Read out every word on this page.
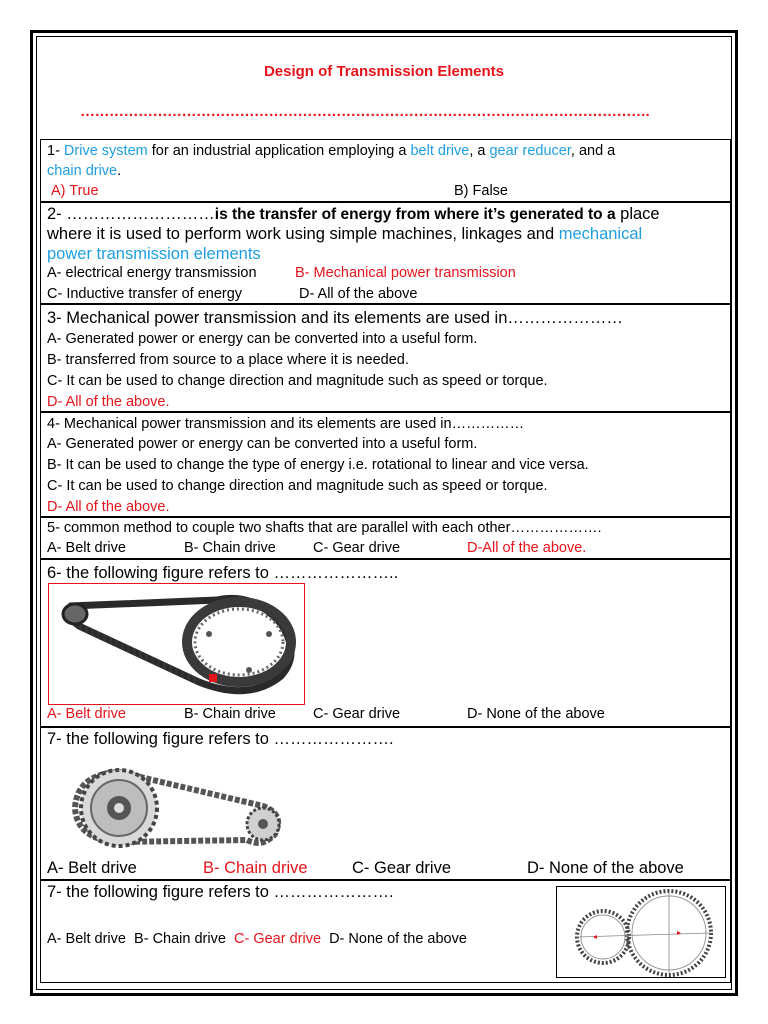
Design of Transmission Elements
……………………………………………………………………………………………………….
1- Drive system for an industrial application employing a belt drive, a gear reducer, and a
chain drive.
A) True	B) False
2- ………………………is the transfer of energy from where it’s generated to a place
where it is used to perform work using simple machines, linkages and mechanical
power transmission elements
A- electrical energy transmission	B- Mechanical power transmission
C- Inductive transfer of energy	D- All of the above
3- Mechanical power transmission and its elements are used in…………………
A- Generated power or energy can be converted into a useful form.
B- transferred from source to a place where it is needed.
C- It can be used to change direction and magnitude such as speed or torque.
D- All of the above.
4- Mechanical power transmission and its elements are used in……………
A- Generated power or energy can be converted into a useful form.
B- It can be used to change the type of energy i.e. rotational to linear and vice versa.
C- It can be used to change direction and magnitude such as speed or torque.
D- All of the above.
5- common method to couple two shafts that are parallel with each other……………….
A- Belt drive	B- Chain drive	C- Gear drive	D-All of the above.
6- the following figure refers to …………………..
A- Belt drive	B- Chain drive	C- Gear drive	D- None of the above
7- the following figure refers to ………………….
A- Belt drive	B- Chain drive	C- Gear drive	D- None of the above
7- the following figure refers to ………………….
A- Belt drive B- Chain drive C- Gear drive D- None of the above
